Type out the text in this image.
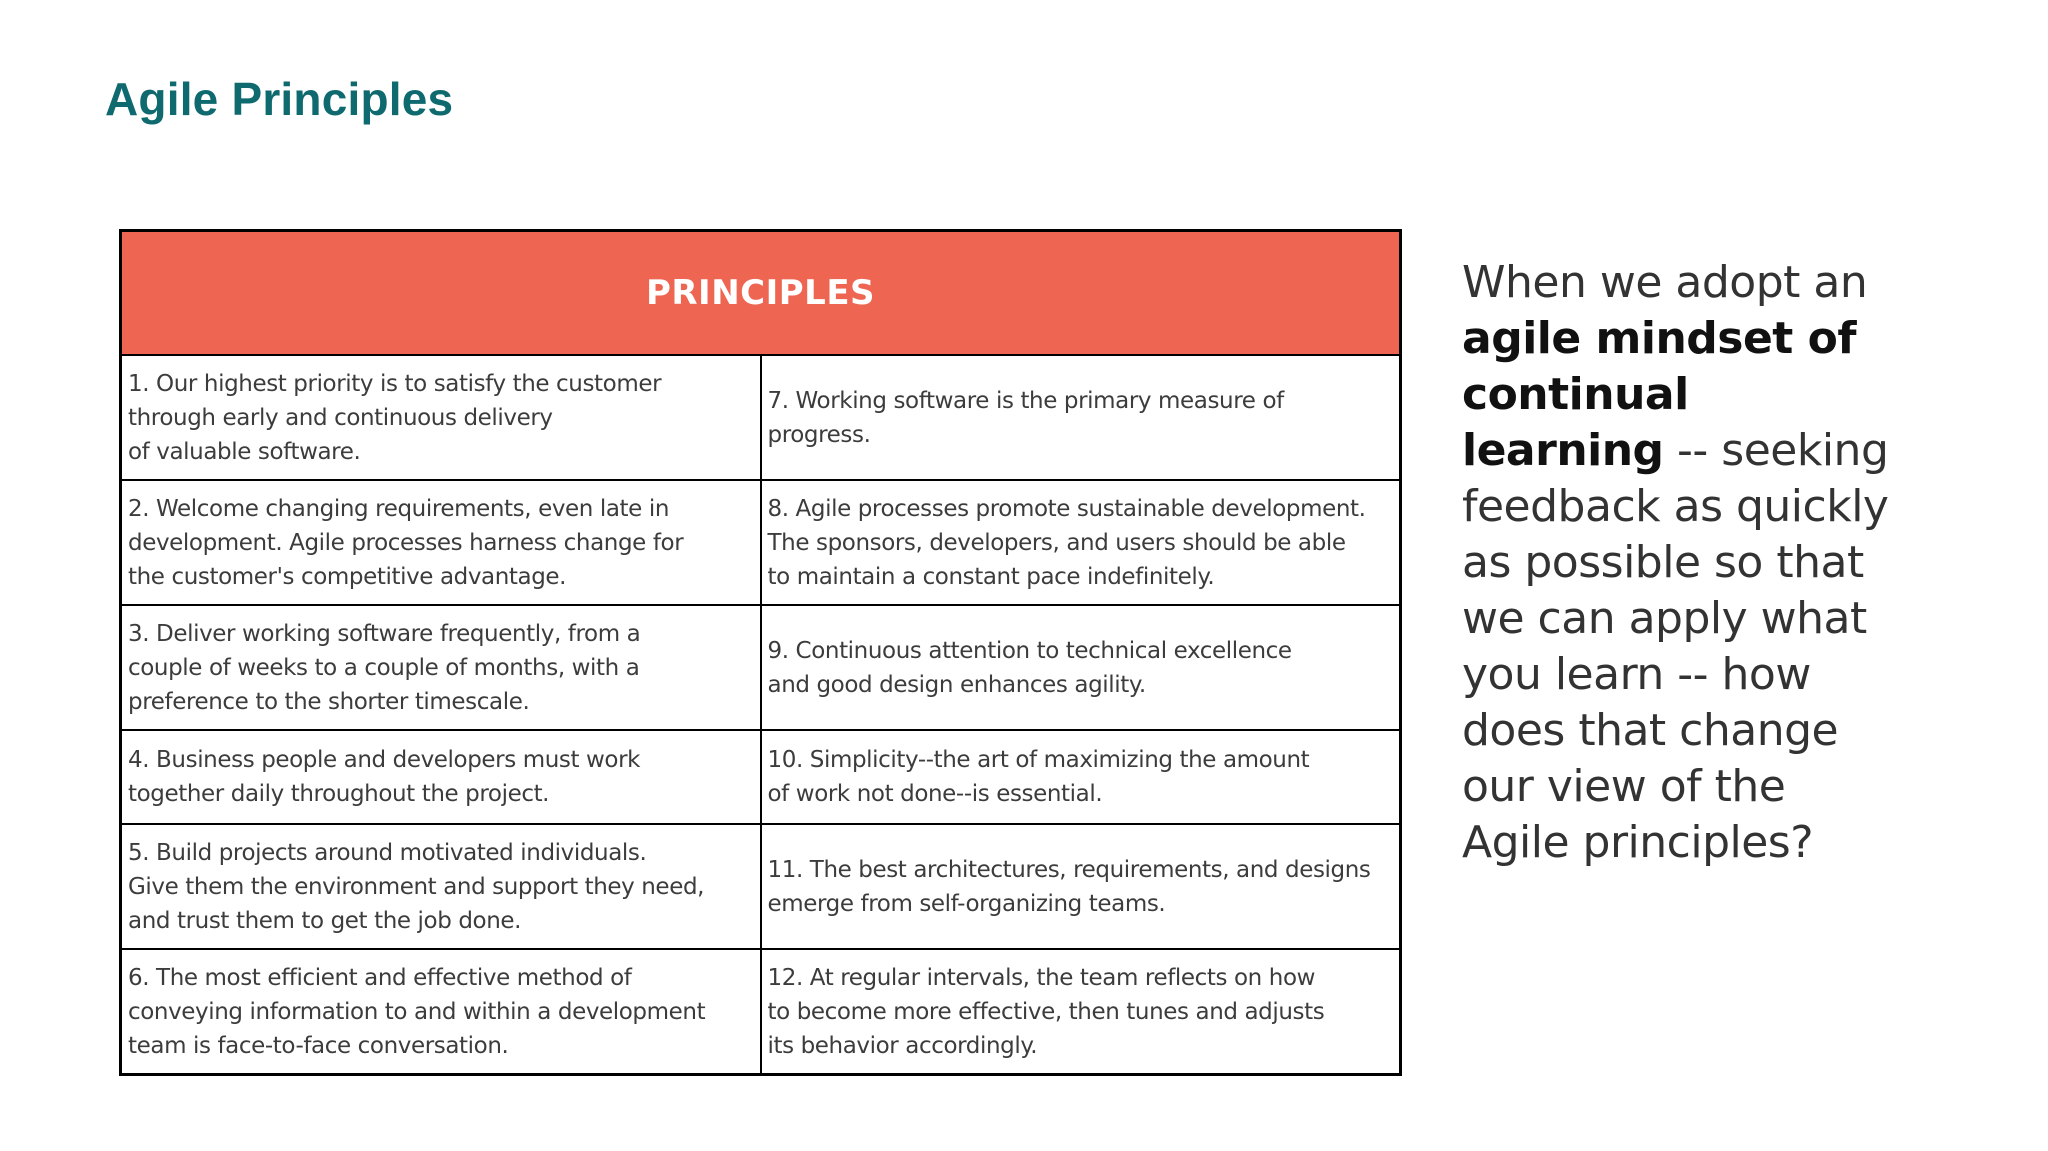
Agile Principles
PRINCIPLES	
1. Our highest priority is to satisfy the customer
through early and continuous delivery
of valuable software.	7. Working software is the primary measure of progress.
2. Welcome changing requirements, even late in
development. Agile processes harness change for
the customer's competitive advantage.	8. Agile processes promote sustainable development.
The sponsors, developers, and users should be able
to maintain a constant pace indefinitely.
3. Deliver working software frequently, from a
couple of weeks to a couple of months, with a
preference to the shorter timescale.	9. Continuous attention to technical excellence
and good design enhances agility.
4. Business people and developers must work
together daily throughout the project.	10. Simplicity--the art of maximizing the amount
of work not done--is essential.
5. Build projects around motivated individuals.
Give them the environment and support they need,
and trust them to get the job done.	11. The best architectures, requirements, and designs
emerge from self-organizing teams.
6. The most efficient and effective method of
conveying information to and within a development
team is face-to-face conversation.	12. At regular intervals, the team reflects on how
to become more effective, then tunes and adjusts
its behavior accordingly.
When we adopt an agile mindset of continual learning -- seeking feedback as quickly as possible so that we can apply what you learn -- how does that change our view of the Agile principles?
